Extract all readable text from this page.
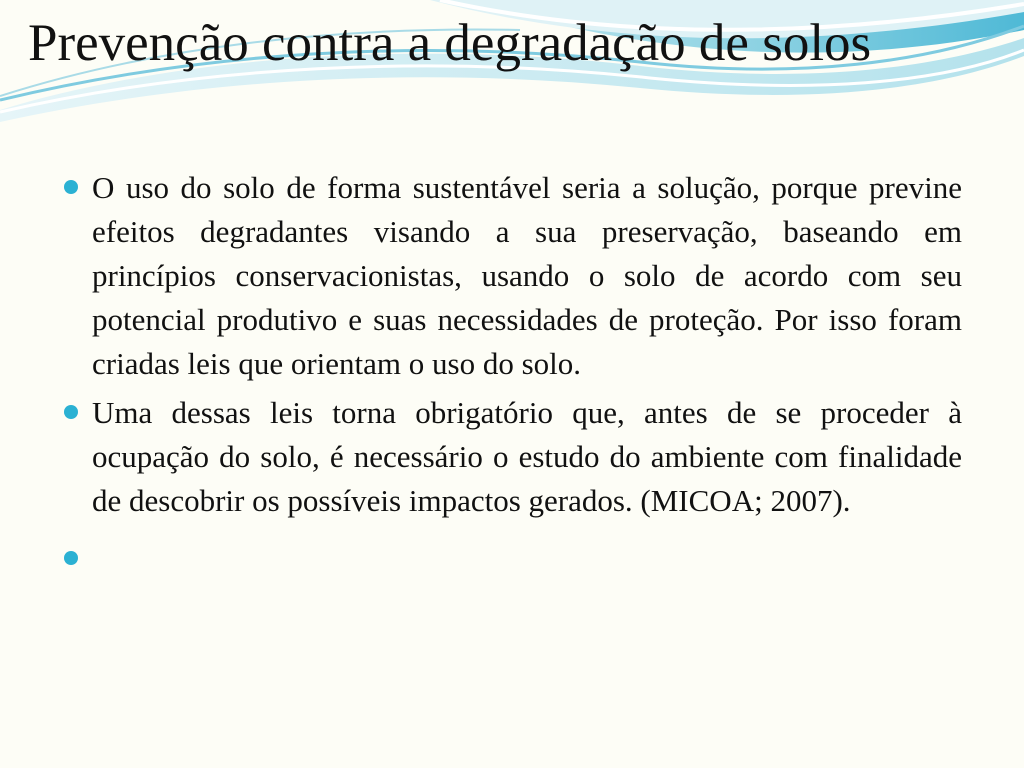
Prevenção contra a degradação de solos
O uso do solo de forma sustentável seria a solução, porque previne efeitos degradantes visando a sua preservação, baseando em princípios conservacionistas, usando o solo de acordo com seu potencial produtivo e suas necessidades de proteção. Por isso foram criadas leis que orientam o uso do solo.
Uma dessas leis torna obrigatório que, antes de se proceder à ocupação do solo, é necessário o estudo do ambiente com finalidade de descobrir os possíveis impactos gerados. (MICOA; 2007).
